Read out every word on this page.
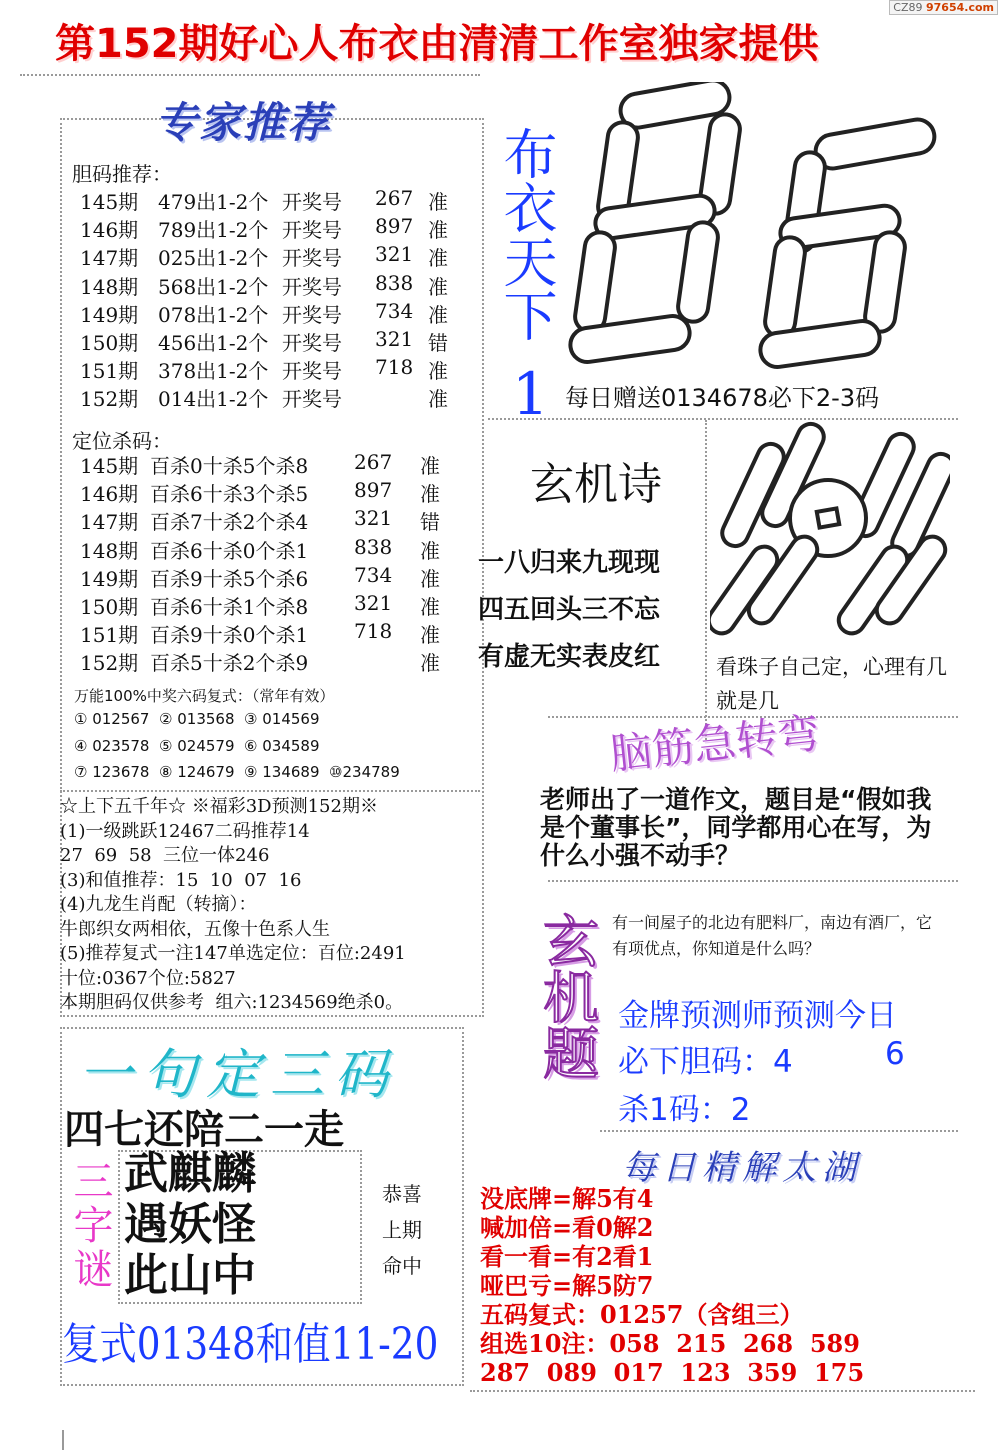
CZ89 97654.com
第152期好心人布衣由清清工作室独家提供
专家推荐
胆码推荐：
145期 479出1-2个 开奖号 267 准
146期 789出1-2个 开奖号 897 准
147期 025出1-2个 开奖号 321 准
148期 568出1-2个 开奖号 838 准
149期 078出1-2个 开奖号 734 准
150期 456出1-2个 开奖号 321 错
151期 378出1-2个 开奖号 718 准
152期 014出1-2个 开奖号	准
定位杀码：
145期 百杀0十杀5个杀8 267 准
146期 百杀6十杀3个杀5 897 准
147期 百杀7十杀2个杀4 321 错
148期 百杀6十杀0个杀1 838 准
149期 百杀9十杀5个杀6 734 准
150期 百杀6十杀1个杀8 321 准
151期 百杀9十杀0个杀1 718 准
152期 百杀5十杀2个杀9	准
万能100%中奖六码复式：（常年有效）
① 012567  ② 013568  ③ 014569
④ 023578  ⑤ 024579  ⑥ 034589
⑦ 123678  ⑧ 124679  ⑨ 134689  ⑩234789
☆上下五千年☆ ※福彩3D预测152期※
(1)一级跳跃12467二码推荐14
27  69  58  三位一体246
(3)和值推荐：15  10  07  16
(4)九龙生肖配（转摘）：
牛郎织女两相依，五像十色系人生
(5)推荐复式一注147单选定位：百位:2491
十位:0367个位:5827
本期胆码仅供参考  组六:1234569绝杀0。
一句定三码
四七还陪二一走
三字谜 武麒麟
遇妖怪
此山中
恭喜
上期
命中
复式01348和值11-20
布衣天下
1 每日赠送0134678必下2-3码
玄机诗
一八归来九现现
四五回头三不忘
有虚无实表皮红	看珠子自己定，心理有几就是几
脑筋急转弯
老师出了一道作文，题目是“假如我是个董事长”，同学都用心在写，为什么小强不动手？
玄机题 有一间屋子的北边有肥料厂，南边有酒厂，它有项优点，你知道是什么吗？
金牌预测师预测今日
必下胆码：4	6
杀1码：2
每日精解太湖
没底牌=解5有4
喊加倍=看0解2
看一看=有2看1
哑巴亏=解5防7
五码复式：01257（含组三）
组选10注：058  215  268  589
287  089  017  123  359  175
